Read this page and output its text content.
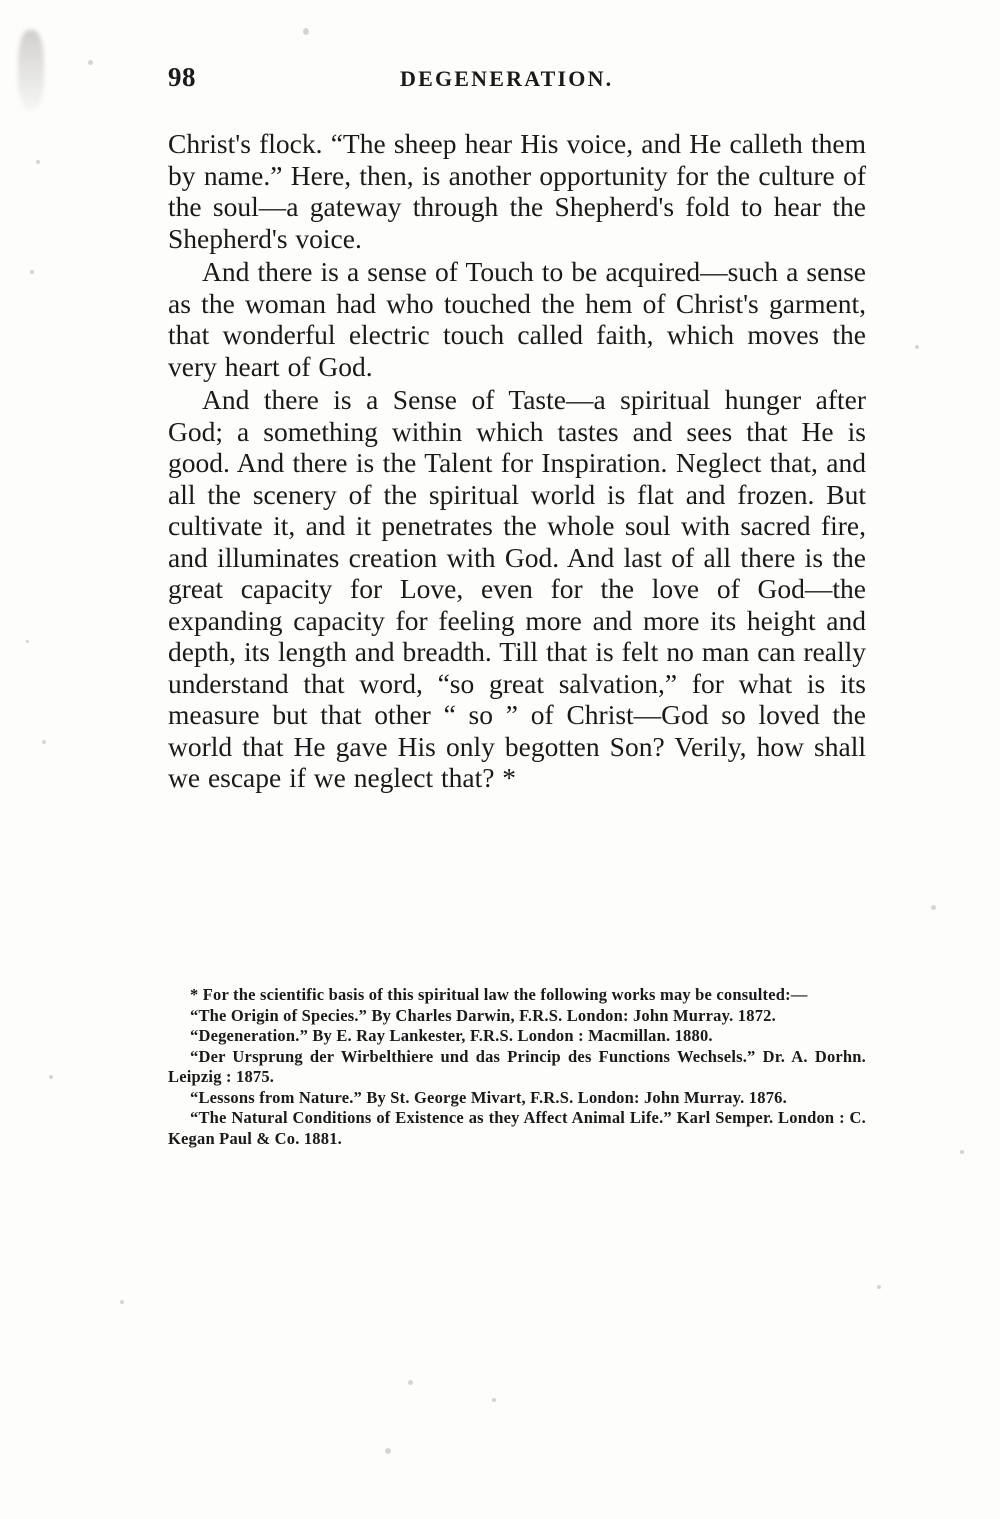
98	DEGENERATION.

Christ's flock. “The sheep hear His voice, and He calleth them by name.” Here, then, is another opportunity for the culture of the soul—a gateway through the Shepherd's fold to hear the Shepherd's voice.

And there is a sense of Touch to be acquired—such a sense as the woman had who touched the hem of Christ's garment, that wonderful electric touch called faith, which moves the very heart of God.

And there is a Sense of Taste—a spiritual hunger after God; a something within which tastes and sees that He is good. And there is the Talent for Inspiration. Neglect that, and all the scenery of the spiritual world is flat and frozen. But cultivate it, and it penetrates the whole soul with sacred fire, and illuminates creation with God. And last of all there is the great capacity for Love, even for the love of God—the expanding capacity for feeling more and more its height and depth, its length and breadth. Till that is felt no man can really understand that word, “so great salvation,” for what is its measure but that other “ so ” of Christ—God so loved the world that He gave His only begotten Son? Verily, how shall we escape if we neglect that? *

* For the scientific basis of this spiritual law the following works may be consulted:—

“The Origin of Species.” By Charles Darwin, F.R.S. London: John Murray. 1872.

“Degeneration.” By E. Ray Lankester, F.R.S. London : Macmillan. 1880.

“Der Ursprung der Wirbelthiere und das Princip des Functions Wechsels.” Dr. A. Dorhn. Leipzig : 1875.

“Lessons from Nature.” By St. George Mivart, F.R.S. London: John Murray. 1876.

“The Natural Conditions of Existence as they Affect Animal Life.” Karl Semper. London : C. Kegan Paul & Co. 1881.
